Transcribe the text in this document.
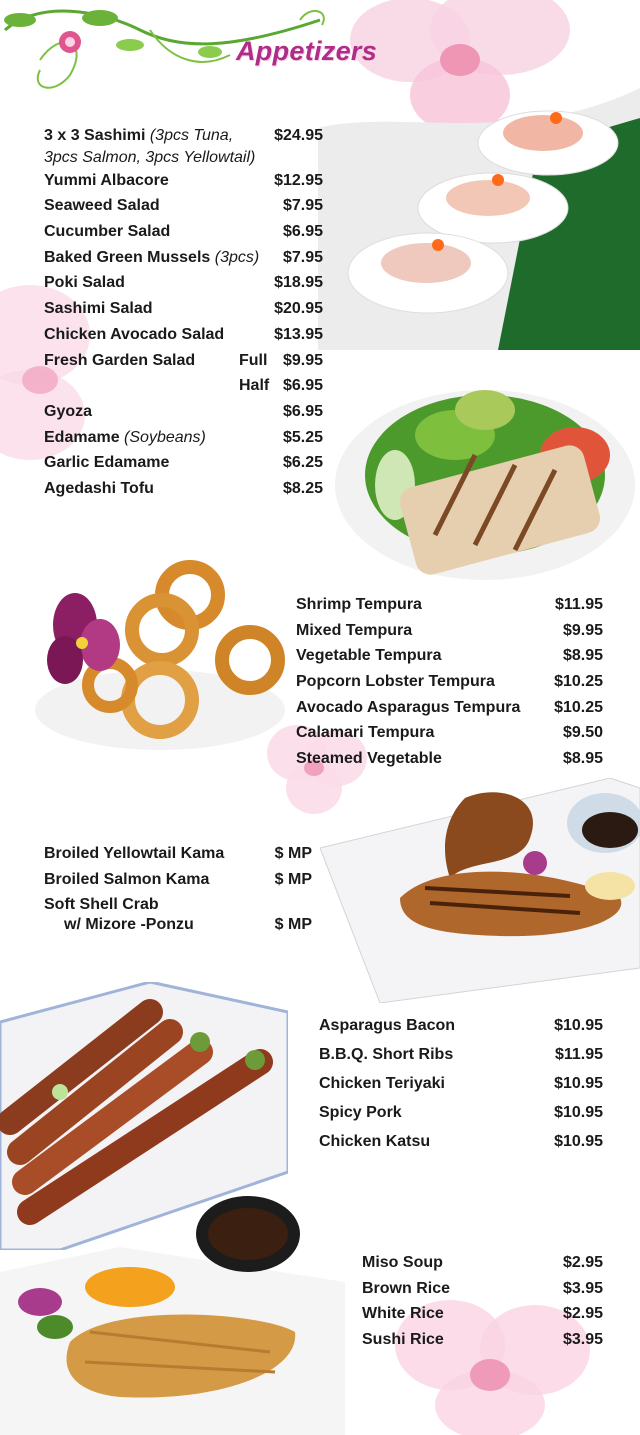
Appetizers
3 x 3 Sashimi (3pcs Tuna,	$24.95
3pcs Salmon, 3pcs Yellowtail)
Yummi Albacore	$12.95
Seaweed Salad	$7.95
Cucumber Salad	$6.95
Baked Green Mussels (3pcs) $7.95
Poki Salad	$18.95
Sashimi Salad	$20.95
Chicken Avocado Salad	$13.95
Fresh Garden Salad	Full $9.95
Half $6.95
Gyoza	$6.95
Edamame (Soybeans)	$5.25
Garlic Edamame	$6.25
Agedashi Tofu	$8.25
Shrimp Tempura	$11.95
Mixed Tempura	$9.95
Vegetable Tempura	$8.95
Popcorn Lobster Tempura	$10.25
Avocado Asparagus Tempura $10.25
Calamari Tempura	$9.50
Steamed Vegetable	$8.95
Broiled Yellowtail Kama	$ MP
Broiled Salmon Kama	$ MP
Soft Shell Crab
w/ Mizore -Ponzu	$ MP
Asparagus Bacon	$10.95
B.B.Q. Short Ribs	$11.95
Chicken Teriyaki	$10.95
Spicy Pork	$10.95
Chicken Katsu	$10.95
Miso Soup	$2.95
Brown Rice	$3.95
White Rice	$2.95
Sushi Rice	$3.95
